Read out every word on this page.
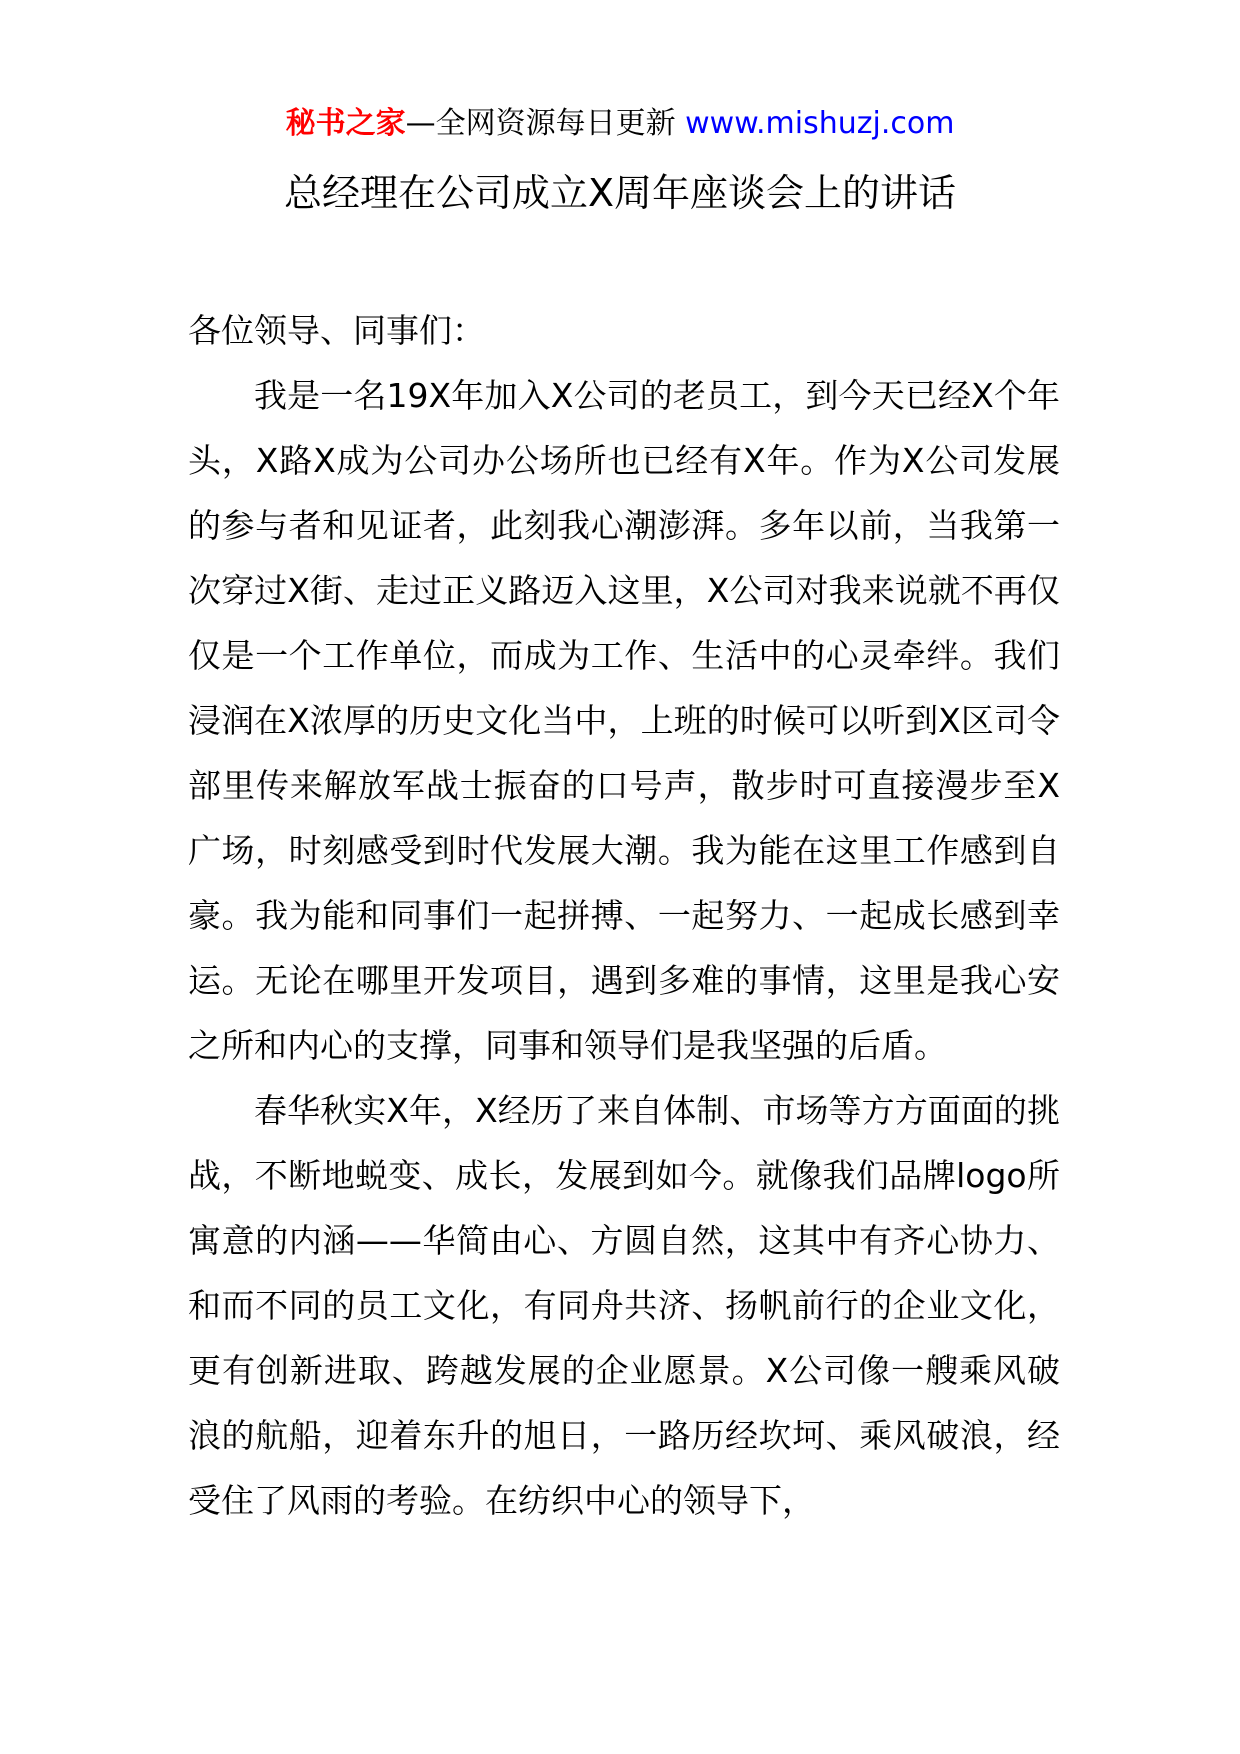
秘书之家—全网资源每日更新 www.mishuzj.com
总经理在公司成立X周年座谈会上的讲话

各位领导、同事们：

我是一名19X年加入X公司的老员工，到今天已经X个年头，X路X成为公司办公场所也已经有X年。作为X公司发展的参与者和见证者，此刻我心潮澎湃。多年以前，当我第一次穿过X街、走过正义路迈入这里，X公司对我来说就不再仅仅是一个工作单位，而成为工作、生活中的心灵牵绊。我们浸润在X浓厚的历史文化当中，上班的时候可以听到X区司令部里传来解放军战士振奋的口号声，散步时可直接漫步至X广场，时刻感受到时代发展大潮。我为能在这里工作感到自豪。我为能和同事们一起拼搏、一起努力、一起成长感到幸运。无论在哪里开发项目，遇到多难的事情，这里是我心安之所和内心的支撑，同事和领导们是我坚强的后盾。

春华秋实X年，X经历了来自体制、市场等方方面面的挑战，不断地蜕变、成长，发展到如今。就像我们品牌logo所寓意的内涵——华简由心、方圆自然，这其中有齐心协力、和而不同的员工文化，有同舟共济、扬帆前行的企业文化，更有创新进取、跨越发展的企业愿景。X公司像一艘乘风破浪的航船，迎着东升的旭日，一路历经坎坷、乘风破浪，经受住了风雨的考验。在纺织中心的领导下，
